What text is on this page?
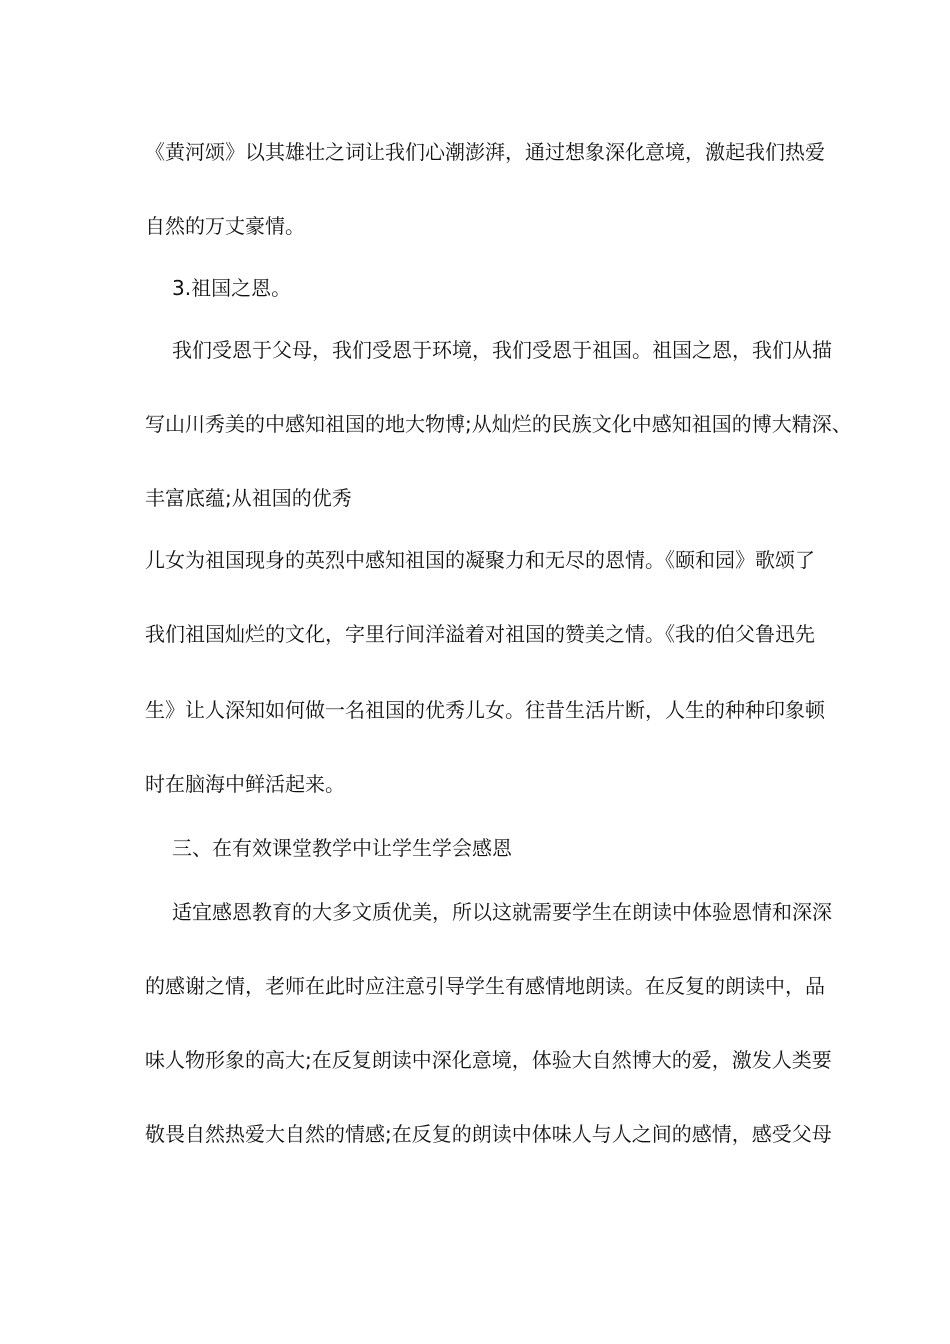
《黄河颂》以其雄壮之词让我们心潮澎湃，通过想象深化意境，激起我们热爱
自然的万丈豪情。
3.祖国之恩。
我们受恩于父母，我们受恩于环境，我们受恩于祖国。祖国之恩，我们从描
写山川秀美的中感知祖国的地大物博;从灿烂的民族文化中感知祖国的博大精深、
丰富底蕴;从祖国的优秀
儿女为祖国现身的英烈中感知祖国的凝聚力和无尽的恩情。《颐和园》歌颂了
我们祖国灿烂的文化，字里行间洋溢着对祖国的赞美之情。《我的伯父鲁迅先
生》让人深知如何做一名祖国的优秀儿女。往昔生活片断，人生的种种印象顿
时在脑海中鲜活起来。
三、在有效课堂教学中让学生学会感恩
适宜感恩教育的大多文质优美，所以这就需要学生在朗读中体验恩情和深深
的感谢之情，老师在此时应注意引导学生有感情地朗读。在反复的朗读中，品
味人物形象的高大;在反复朗读中深化意境，体验大自然博大的爱，激发人类要
敬畏自然热爱大自然的情感;在反复的朗读中体味人与人之间的感情，感受父母
